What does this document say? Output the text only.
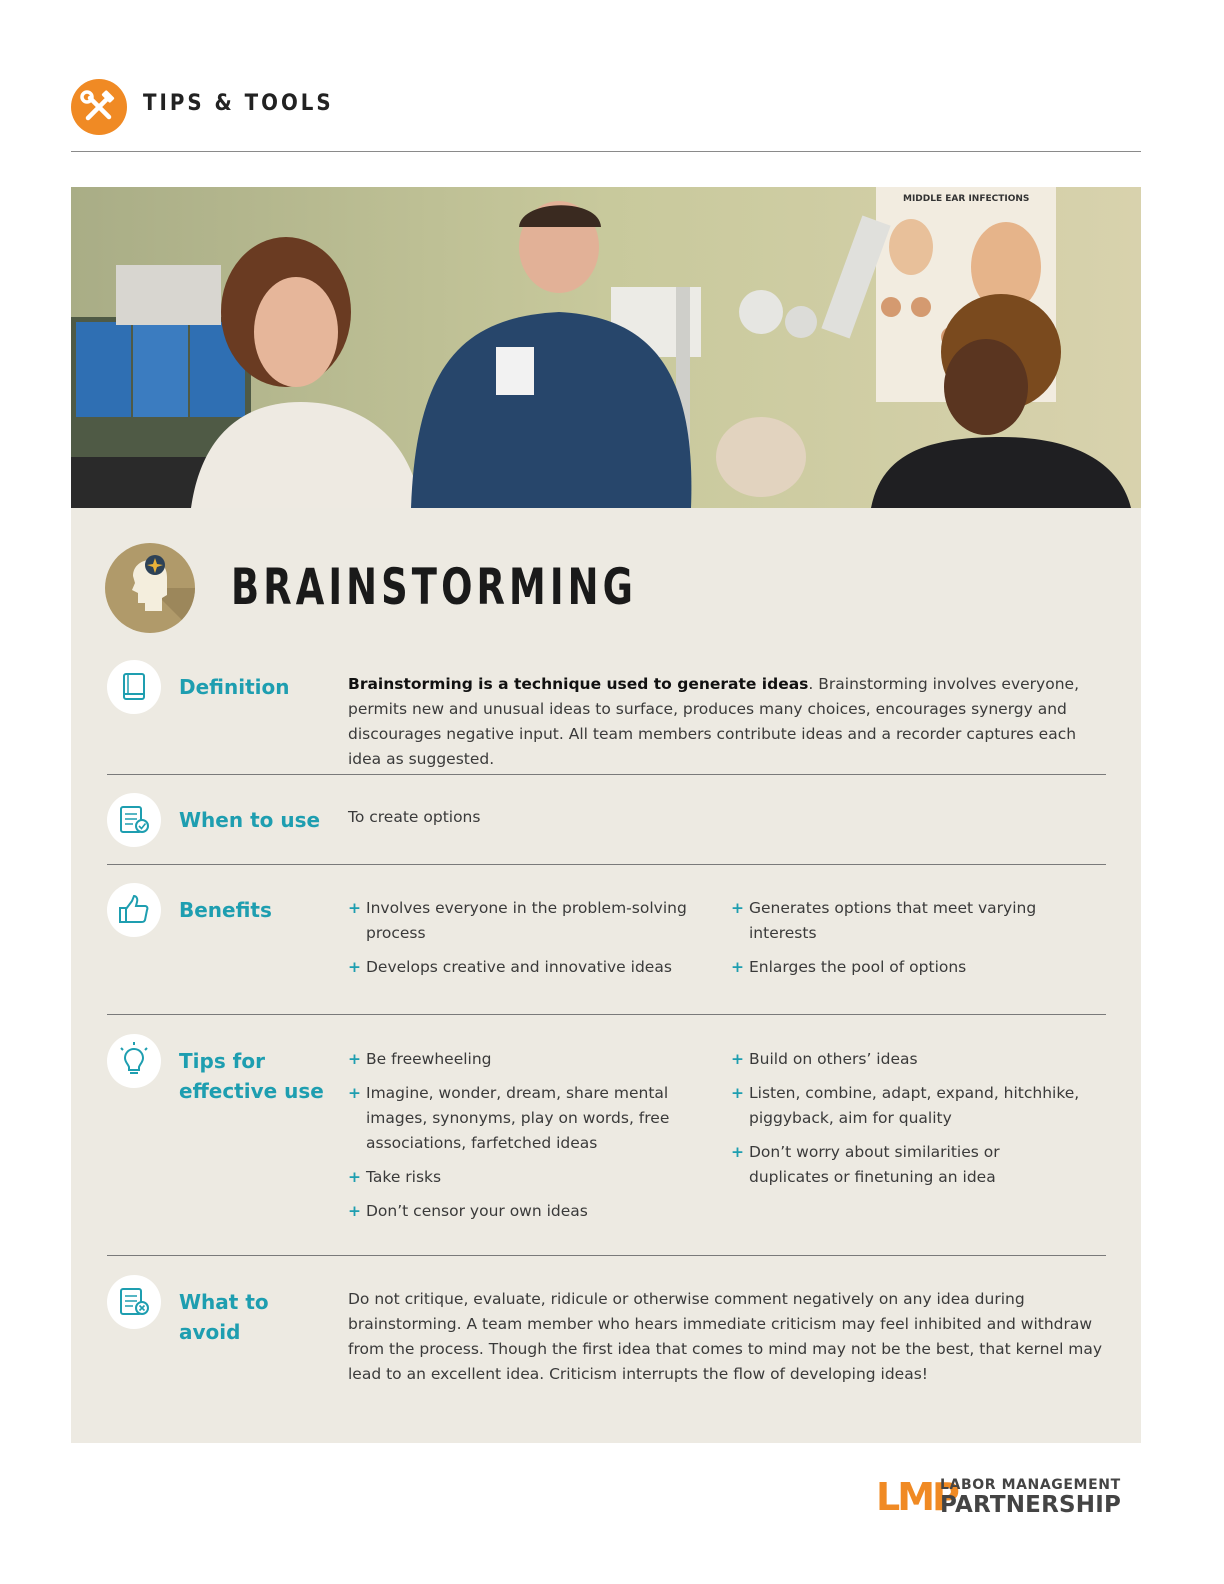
TIPS & TOOLS
MIDDLE EAR INFECTIONS
BRAINSTORMING
Definition	Brainstorming is a technique used to generate ideas. Brainstorming involves everyone, permits new and unusual ideas to surface, produces many choices, encourages synergy and discourages negative input. All team members contribute ideas and a recorder captures each idea as suggested.
When to use	To create options
Benefits
+	Involves everyone in the problem-solving process
+ Develops creative and innovative ideas
+ Generates options that meet varying interests
+ Enlarges the pool of options
Tips for
effective use
+ Be freewheeling
+ Imagine, wonder, dream, share mental images, synonyms, play on words, free associations, farfetched ideas
+ Take risks
+ Don’t censor your own ideas
+ Build on others’ ideas
+ Listen, combine, adapt, expand, hitchhike, piggyback, aim for quality
+ Don’t worry about similarities or duplicates or finetuning an idea
What to
avoid
Do not critique, evaluate, ridicule or otherwise comment negatively on any idea during brainstorming. A team member who hears immediate criticism may feel inhibited and withdraw from the process. Though the first idea that comes to mind may not be the best, that kernel may lead to an excellent idea. Criticism interrupts the flow of developing ideas!
LMP
LABOR MANAGEMENT
PARTNERSHIP
